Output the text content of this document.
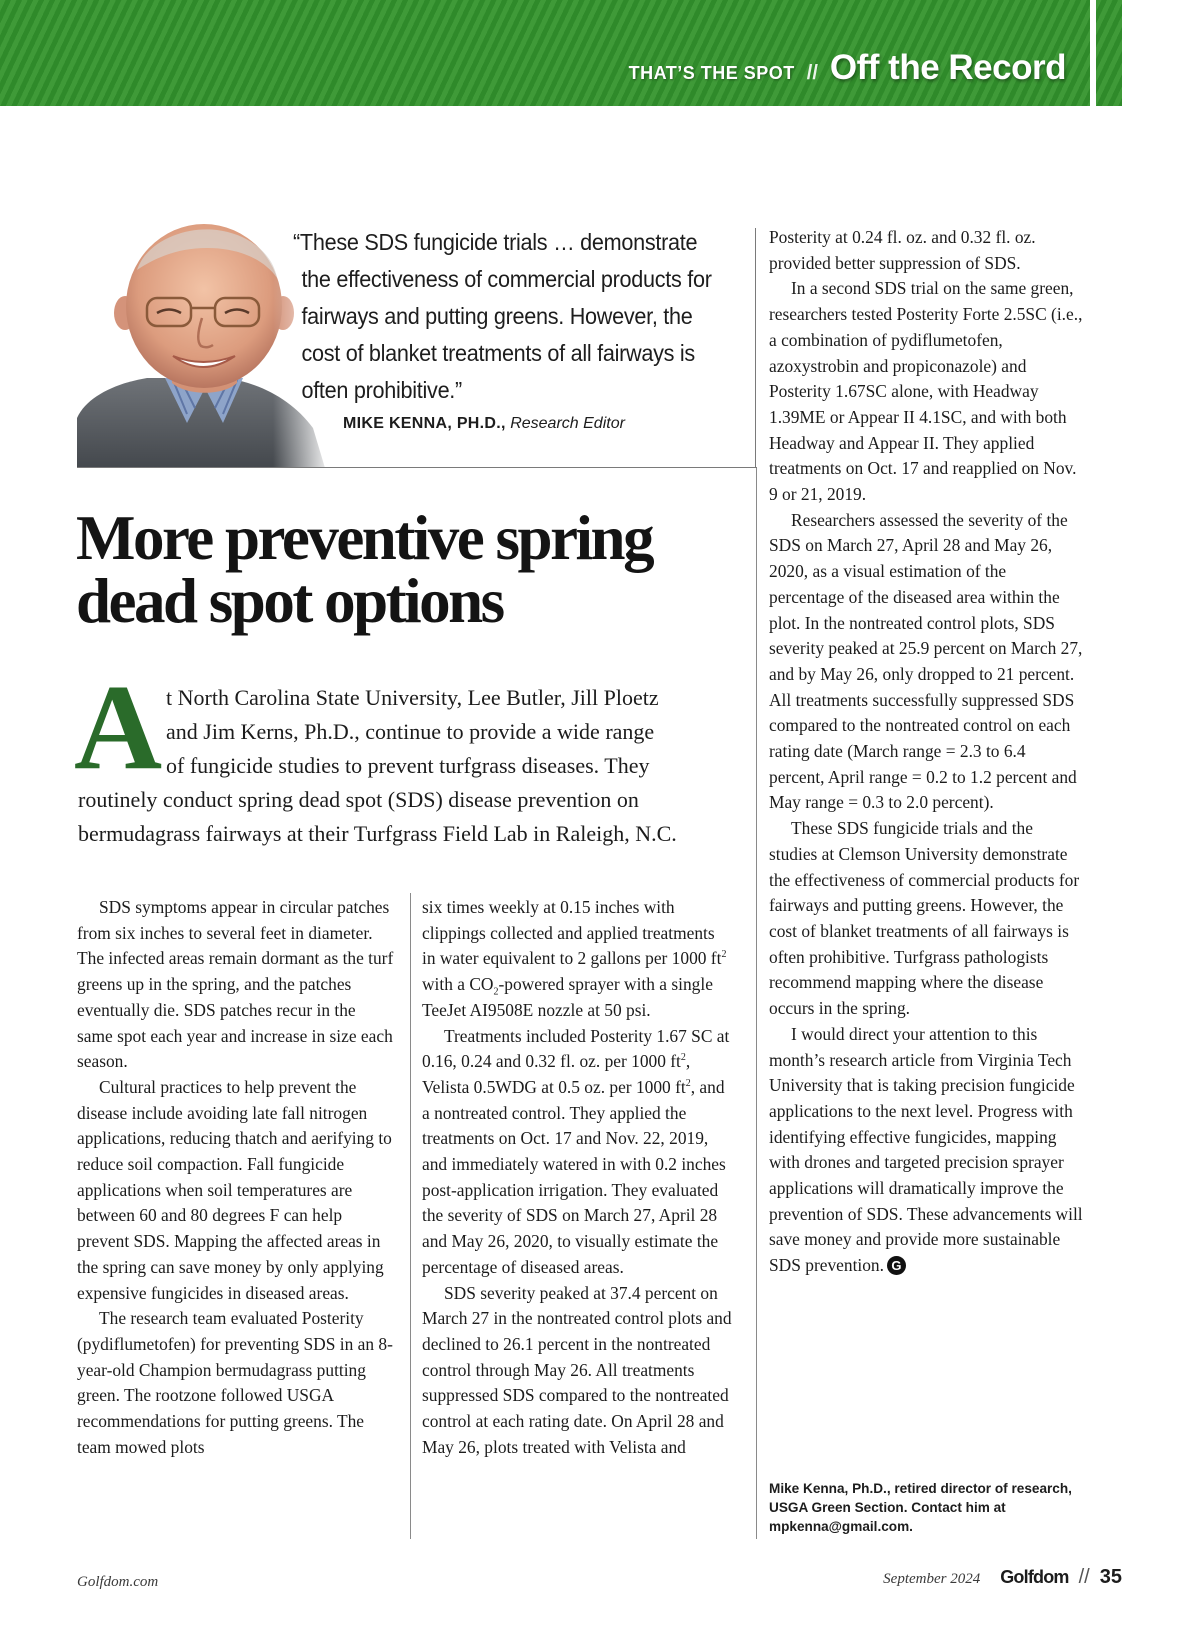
THAT’S THE SPOT // Off the Record
“These SDS fungicide trials … demonstrate
the effectiveness of commercial products for
fairways and putting greens. However, the
cost of blanket treatments of all fairways is
often prohibitive.”
MIKE KENNA, PH.D., Research Editor
More preventive spring
dead spot options
A t North Carolina State University, Lee Butler, Jill Ploetz
and Jim Kerns, Ph.D., continue to provide a wide range
of fungicide studies to prevent turfgrass diseases. They
routinely conduct spring dead spot (SDS) disease prevention on
bermudagrass fairways at their Turfgrass Field Lab in Raleigh, N.C.

SDS symptoms appear in circular patches from six inches to several feet in diameter. The infected areas remain dormant as the turf greens up in the spring, and the patches eventually die. SDS patches recur in the same spot each year and increase in size each season.

Cultural practices to help prevent the disease include avoiding late fall nitrogen applications, reducing thatch and aerifying to reduce soil compaction. Fall fungicide applications when soil temperatures are between 60 and 80 degrees F can help prevent SDS. Mapping the affected areas in the spring can save money by only applying expensive fungicides in diseased areas.

The research team evaluated Posterity (pydiflumetofen) for preventing SDS in an 8-year-old Champion bermudagrass putting green. The rootzone followed USGA recommendations for putting greens. The team mowed plots

six times weekly at 0.15 inches with clippings collected and applied treatments in water equivalent to 2 gallons per 1000 $ft^2$ with a $CO_2$-powered sprayer with a single TeeJet AI9508E nozzle at 50 psi.

Treatments included Posterity 1.67 SC at 0.16, 0.24 and 0.32 fl. oz. per 1000 $ft^2$, Velista 0.5WDG at 0.5 oz. per 1000 $ft^2$, and a nontreated control. They applied the treatments on Oct. 17 and Nov. 22, 2019, and immediately watered in with 0.2 inches post-application irrigation. They evaluated the severity of SDS on March 27, April 28 and May 26, 2020, to visually estimate the percentage of diseased areas.

SDS severity peaked at 37.4 percent on March 27 in the nontreated control plots and declined to 26.1 percent in the nontreated control through May 26. All treatments suppressed SDS compared to the nontreated control at each rating date. On April 28 and May 26, plots treated with Velista and

Posterity at 0.24 fl. oz. and 0.32 fl. oz. provided better suppression of SDS.

In a second SDS trial on the same green, researchers tested Posterity Forte 2.5SC (i.e., a combination of pydiflumetofen, azoxystrobin and propiconazole) and Posterity 1.67SC alone, with Headway 1.39ME or Appear II 4.1SC, and with both Headway and Appear II. They applied treatments on Oct. 17 and reapplied on Nov. 9 or 21, 2019.

Researchers assessed the severity of the SDS on March 27, April 28 and May 26, 2020, as a visual estimation of the percentage of the diseased area within the plot. In the nontreated control plots, SDS severity peaked at 25.9 percent on March 27, and by May 26, only dropped to 21 percent. All treatments successfully suppressed SDS compared to the nontreated control on each rating date (March range = 2.3 to 6.4 percent, April range = 0.2 to 1.2 percent and May range = 0.3 to 2.0 percent).

These SDS fungicide trials and the studies at Clemson University demonstrate the effectiveness of commercial products for fairways and putting greens. However, the cost of blanket treatments of all fairways is often prohibitive. Turfgrass pathologists recommend mapping where the disease occurs in the spring.

I would direct your attention to this month’s research article from Virginia Tech University that is taking precision fungicide applications to the next level. Progress with identifying effective fungicides, mapping with drones and targeted precision sprayer applications will dramatically improve the prevention of SDS. These advancements will save money and provide more sustainable SDS prevention. G

Mike Kenna, Ph.D., retired director of research, USGA Green Section. Contact him at mpkenna@gmail.com.
Golfdom.com	September 2024 Golfdom // 35
